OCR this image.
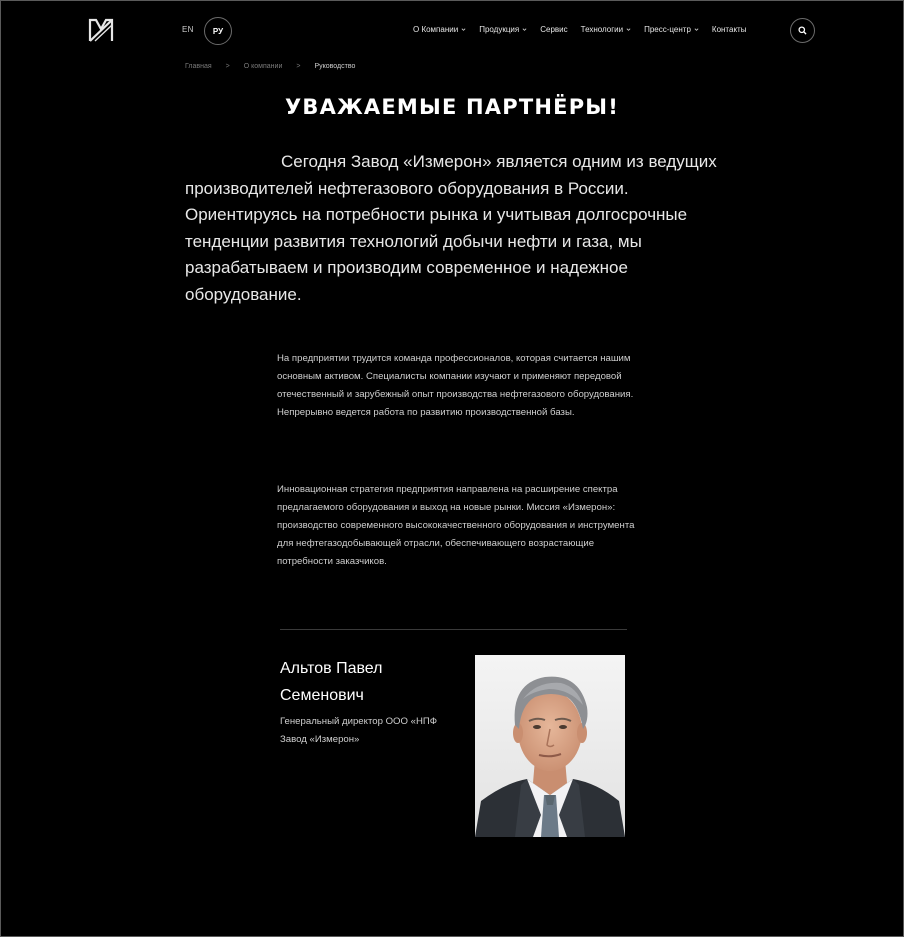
EN	РУ	О Компании	Продукция	Сервис Технологии	Пресс-центр	Контакты
Главная > О компании > Руководство
УВАЖАЕМЫЕ ПАРТНЁРЫ!

Сегодня Завод «Измерон» является одним из ведущих производителей нефтегазового оборудования в России. Ориентируясь на потребности рынка и учитывая долгосрочные тенденции развития технологий добычи нефти и газа, мы разрабатываем и производим современное и надежное оборудование.

На предприятии трудится команда профессионалов, которая считается нашим основным активом. Специалисты компании изучают и применяют передовой отечественный и зарубежный опыт производства нефтегазового оборудования. Непрерывно ведется работа по развитию производственной базы.

Инновационная стратегия предприятия направлена на расширение спектра предлагаемого оборудования и выход на новые рынки. Миссия «Измерон»: производство современного высококачественного оборудования и инструмента для нефтегазодобывающей отрасли, обеспечивающего возрастающие потребности заказчиков.

Альтов Павел Семенович
Генеральный директор ООО «НПФ Завод «Измерон»
